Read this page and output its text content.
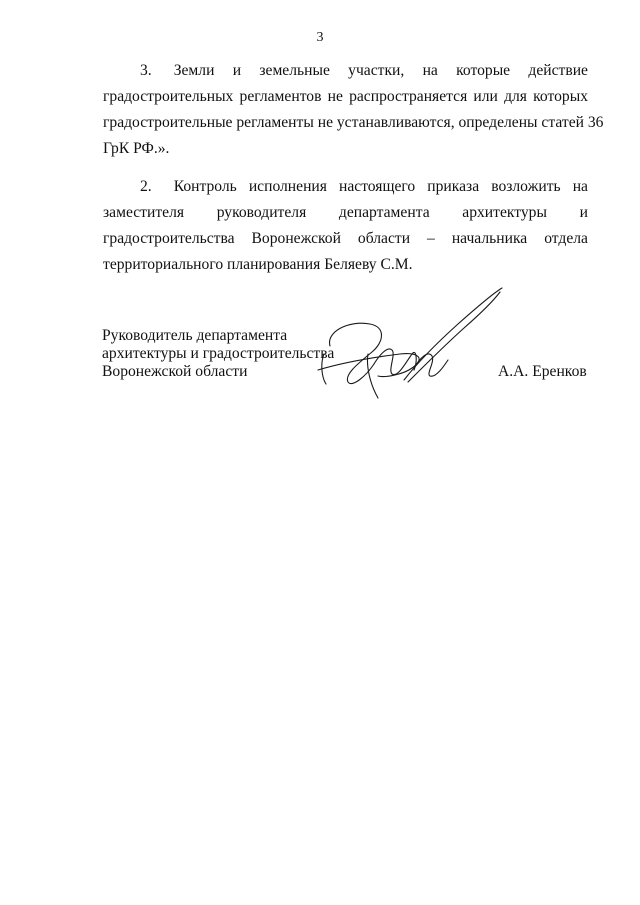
3
3. Земли и земельные участки, на которые действие
градостроительных регламентов не распространяется или для которых
градостроительные регламенты не устанавливаются, определены статей 36
ГрК РФ.».
2. Контроль исполнения настоящего приказа возложить на
заместителя руководителя департамента архитектуры и
градостроительства Воронежской области – начальника отдела
территориального планирования Беляеву С.М.
Руководитель департамента
архитектуры и градостроительства
Воронежской области	А.А. Еренков
